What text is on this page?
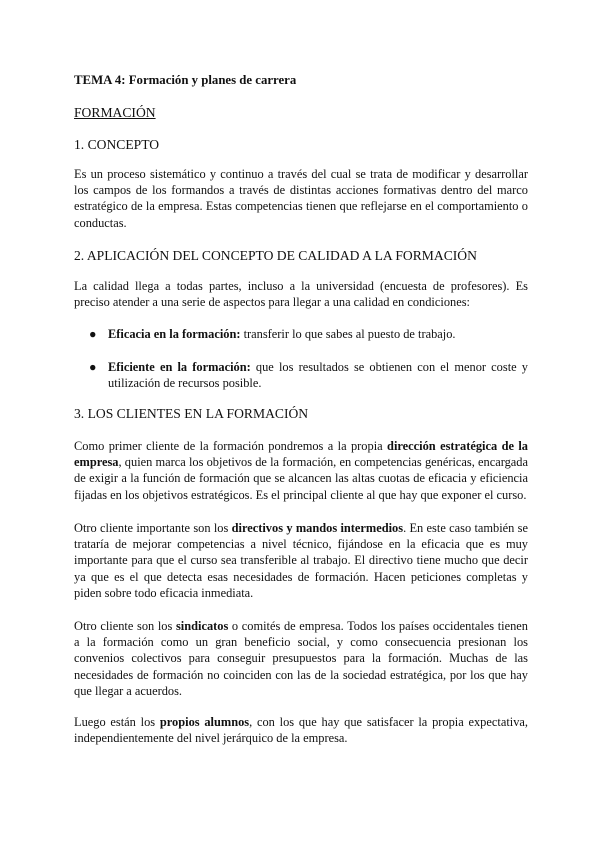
TEMA 4: Formación y planes de carrera
FORMACIÓN
1. CONCEPTO
Es un proceso sistemático y continuo a través del cual se trata de modificar y desarrollar los campos de los formandos a través de distintas acciones formativas dentro del marco estratégico de la empresa. Estas competencias tienen que reflejarse en el comportamiento o conductas.
2. APLICACIÓN DEL CONCEPTO DE CALIDAD A LA FORMACIÓN
La calidad llega a todas partes, incluso a la universidad (encuesta de profesores). Es preciso atender a una serie de aspectos para llegar a una calidad en condiciones:
● Eficacia en la formación: transferir lo que sabes al puesto de trabajo.
● Eficiente en la formación: que los resultados se obtienen con el menor coste y utilización de recursos posible.
3. LOS CLIENTES EN LA FORMACIÓN
Como primer cliente de la formación pondremos a la propia dirección estratégica de la empresa, quien marca los objetivos de la formación, en competencias genéricas, encargada de exigir a la función de formación que se alcancen las altas cuotas de eficacia y eficiencia fijadas en los objetivos estratégicos. Es el principal cliente al que hay que exponer el curso.
Otro cliente importante son los directivos y mandos intermedios. En este caso también se trataría de mejorar competencias a nivel técnico, fijándose en la eficacia que es muy importante para que el curso sea transferible al trabajo. El directivo tiene mucho que decir ya que es el que detecta esas necesidades de formación. Hacen peticiones completas y piden sobre todo eficacia inmediata.
Otro cliente son los sindicatos o comités de empresa. Todos los países occidentales tienen a la formación como un gran beneficio social, y como consecuencia presionan los convenios colectivos para conseguir presupuestos para la formación. Muchas de las necesidades de formación no coinciden con las de la sociedad estratégica, por los que hay que llegar a acuerdos.
Luego están los propios alumnos, con los que hay que satisfacer la propia expectativa, independientemente del nivel jerárquico de la empresa.
